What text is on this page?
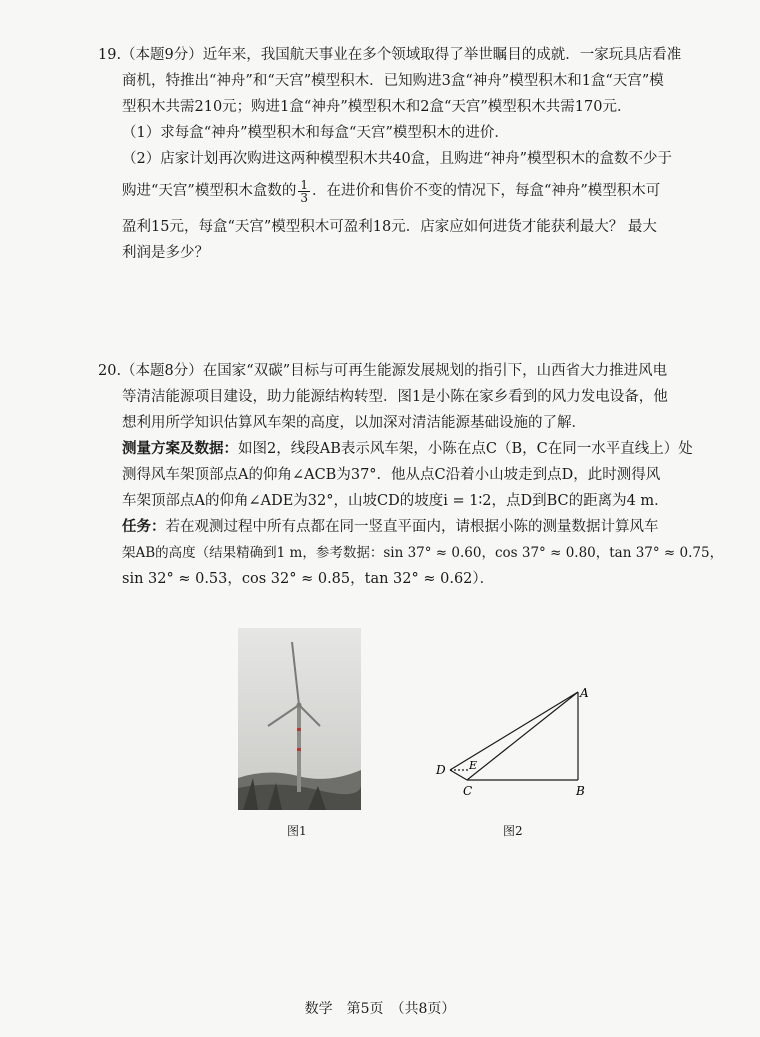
19.（本题9分）近年来，我国航天事业在多个领域取得了举世瞩目的成就．一家玩具店看准
商机，特推出“神舟”和“天宫”模型积木．已知购进3盒“神舟”模型积木和1盒“天宫”模
型积木共需210元；购进1盒“神舟”模型积木和2盒“天宫”模型积木共需170元．
（1）求每盒“神舟”模型积木和每盒“天宫”模型积木的进价．
（2）店家计划再次购进这两种模型积木共40盒，且购进“神舟”模型积木的盒数不少于
购进“天宫”模型积木盒数的 $\frac{1}{3}$ ．在进价和售价不变的情况下，每盒“神舟”模型积木可
盈利15元，每盒“天宫”模型积木可盈利18元．店家应如何进货才能获利最大？ 最大
利润是多少？
20.（本题8分）在国家“双碳”目标与可再生能源发展规划的指引下，山西省大力推进风电
等清洁能源项目建设，助力能源结构转型．图1是小陈在家乡看到的风力发电设备，他
想利用所学知识估算风车架的高度，以加深对清洁能源基础设施的了解．
测量方案及数据：如图2，线段AB表示风车架，小陈在点C（B，C在同一水平直线上）处
测得风车架顶部点A的仰角∠ACB为37°．他从点C沿着小山坡走到点D，此时测得风
车架顶部点A的仰角∠ADE为32°，山坡CD的坡度i = 1∶2，点D到BC的距离为4 m．
任务：若在观测过程中所有点都在同一竖直平面内，请根据小陈的测量数据计算风车
架AB的高度（结果精确到1 m，参考数据：sin 37° ≈ 0.60，cos 37° ≈ 0.80，tan 37° ≈ 0.75，
sin 32° ≈ 0.53，cos 32° ≈ 0.85，tan 32° ≈ 0.62）．
图1
A
B
C
D E
图2
数学　第5页　（共8页）
